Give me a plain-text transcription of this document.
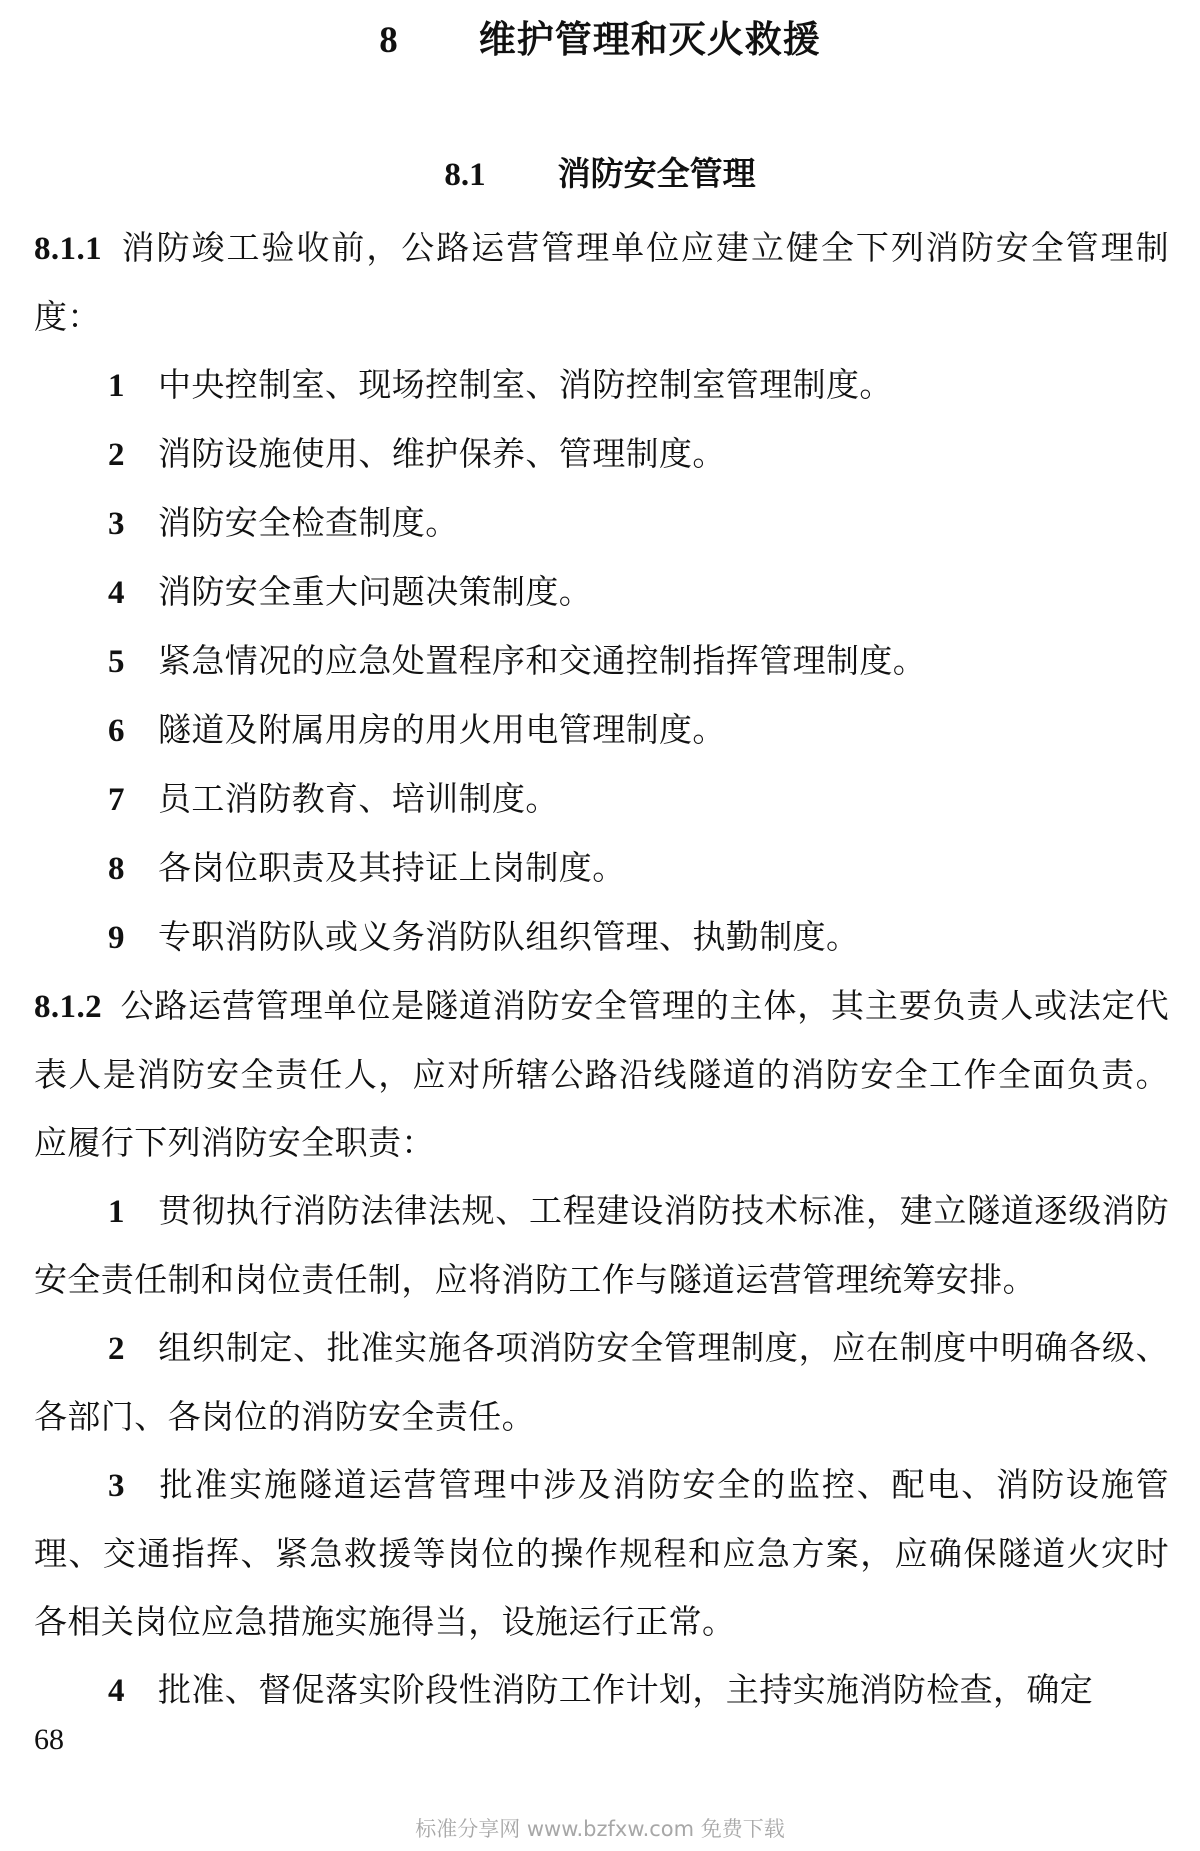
8 维护管理和灭火救援
8.1 消防安全管理

8.1.1 消防竣工验收前，公路运营管理单位应建立健全下列消防安全管理制度：

1 中央控制室、现场控制室、消防控制室管理制度。

2 消防设施使用、维护保养、管理制度。

3 消防安全检查制度。

4 消防安全重大问题决策制度。

5 紧急情况的应急处置程序和交通控制指挥管理制度。

6 隧道及附属用房的用火用电管理制度。

7 员工消防教育、培训制度。

8 各岗位职责及其持证上岗制度。

9 专职消防队或义务消防队组织管理、执勤制度。

8.1.2 公路运营管理单位是隧道消防安全管理的主体，其主要负责人或法定代表人是消防安全责任人，应对所辖公路沿线隧道的消防安全工作全面负责。应履行下列消防安全职责：

1 贯彻执行消防法律法规、工程建设消防技术标准，建立隧道逐级消防安全责任制和岗位责任制，应将消防工作与隧道运营管理统筹安排。

2 组织制定、批准实施各项消防安全管理制度，应在制度中明确各级、各部门、各岗位的消防安全责任。

3 批准实施隧道运营管理中涉及消防安全的监控、配电、消防设施管理、交通指挥、紧急救援等岗位的操作规程和应急方案，应确保隧道火灾时各相关岗位应急措施实施得当，设施运行正常。

4 批准、督促落实阶段性消防工作计划，主持实施消防检查，确定

68
标准分享网 www.bzfxw.com 免费下载
